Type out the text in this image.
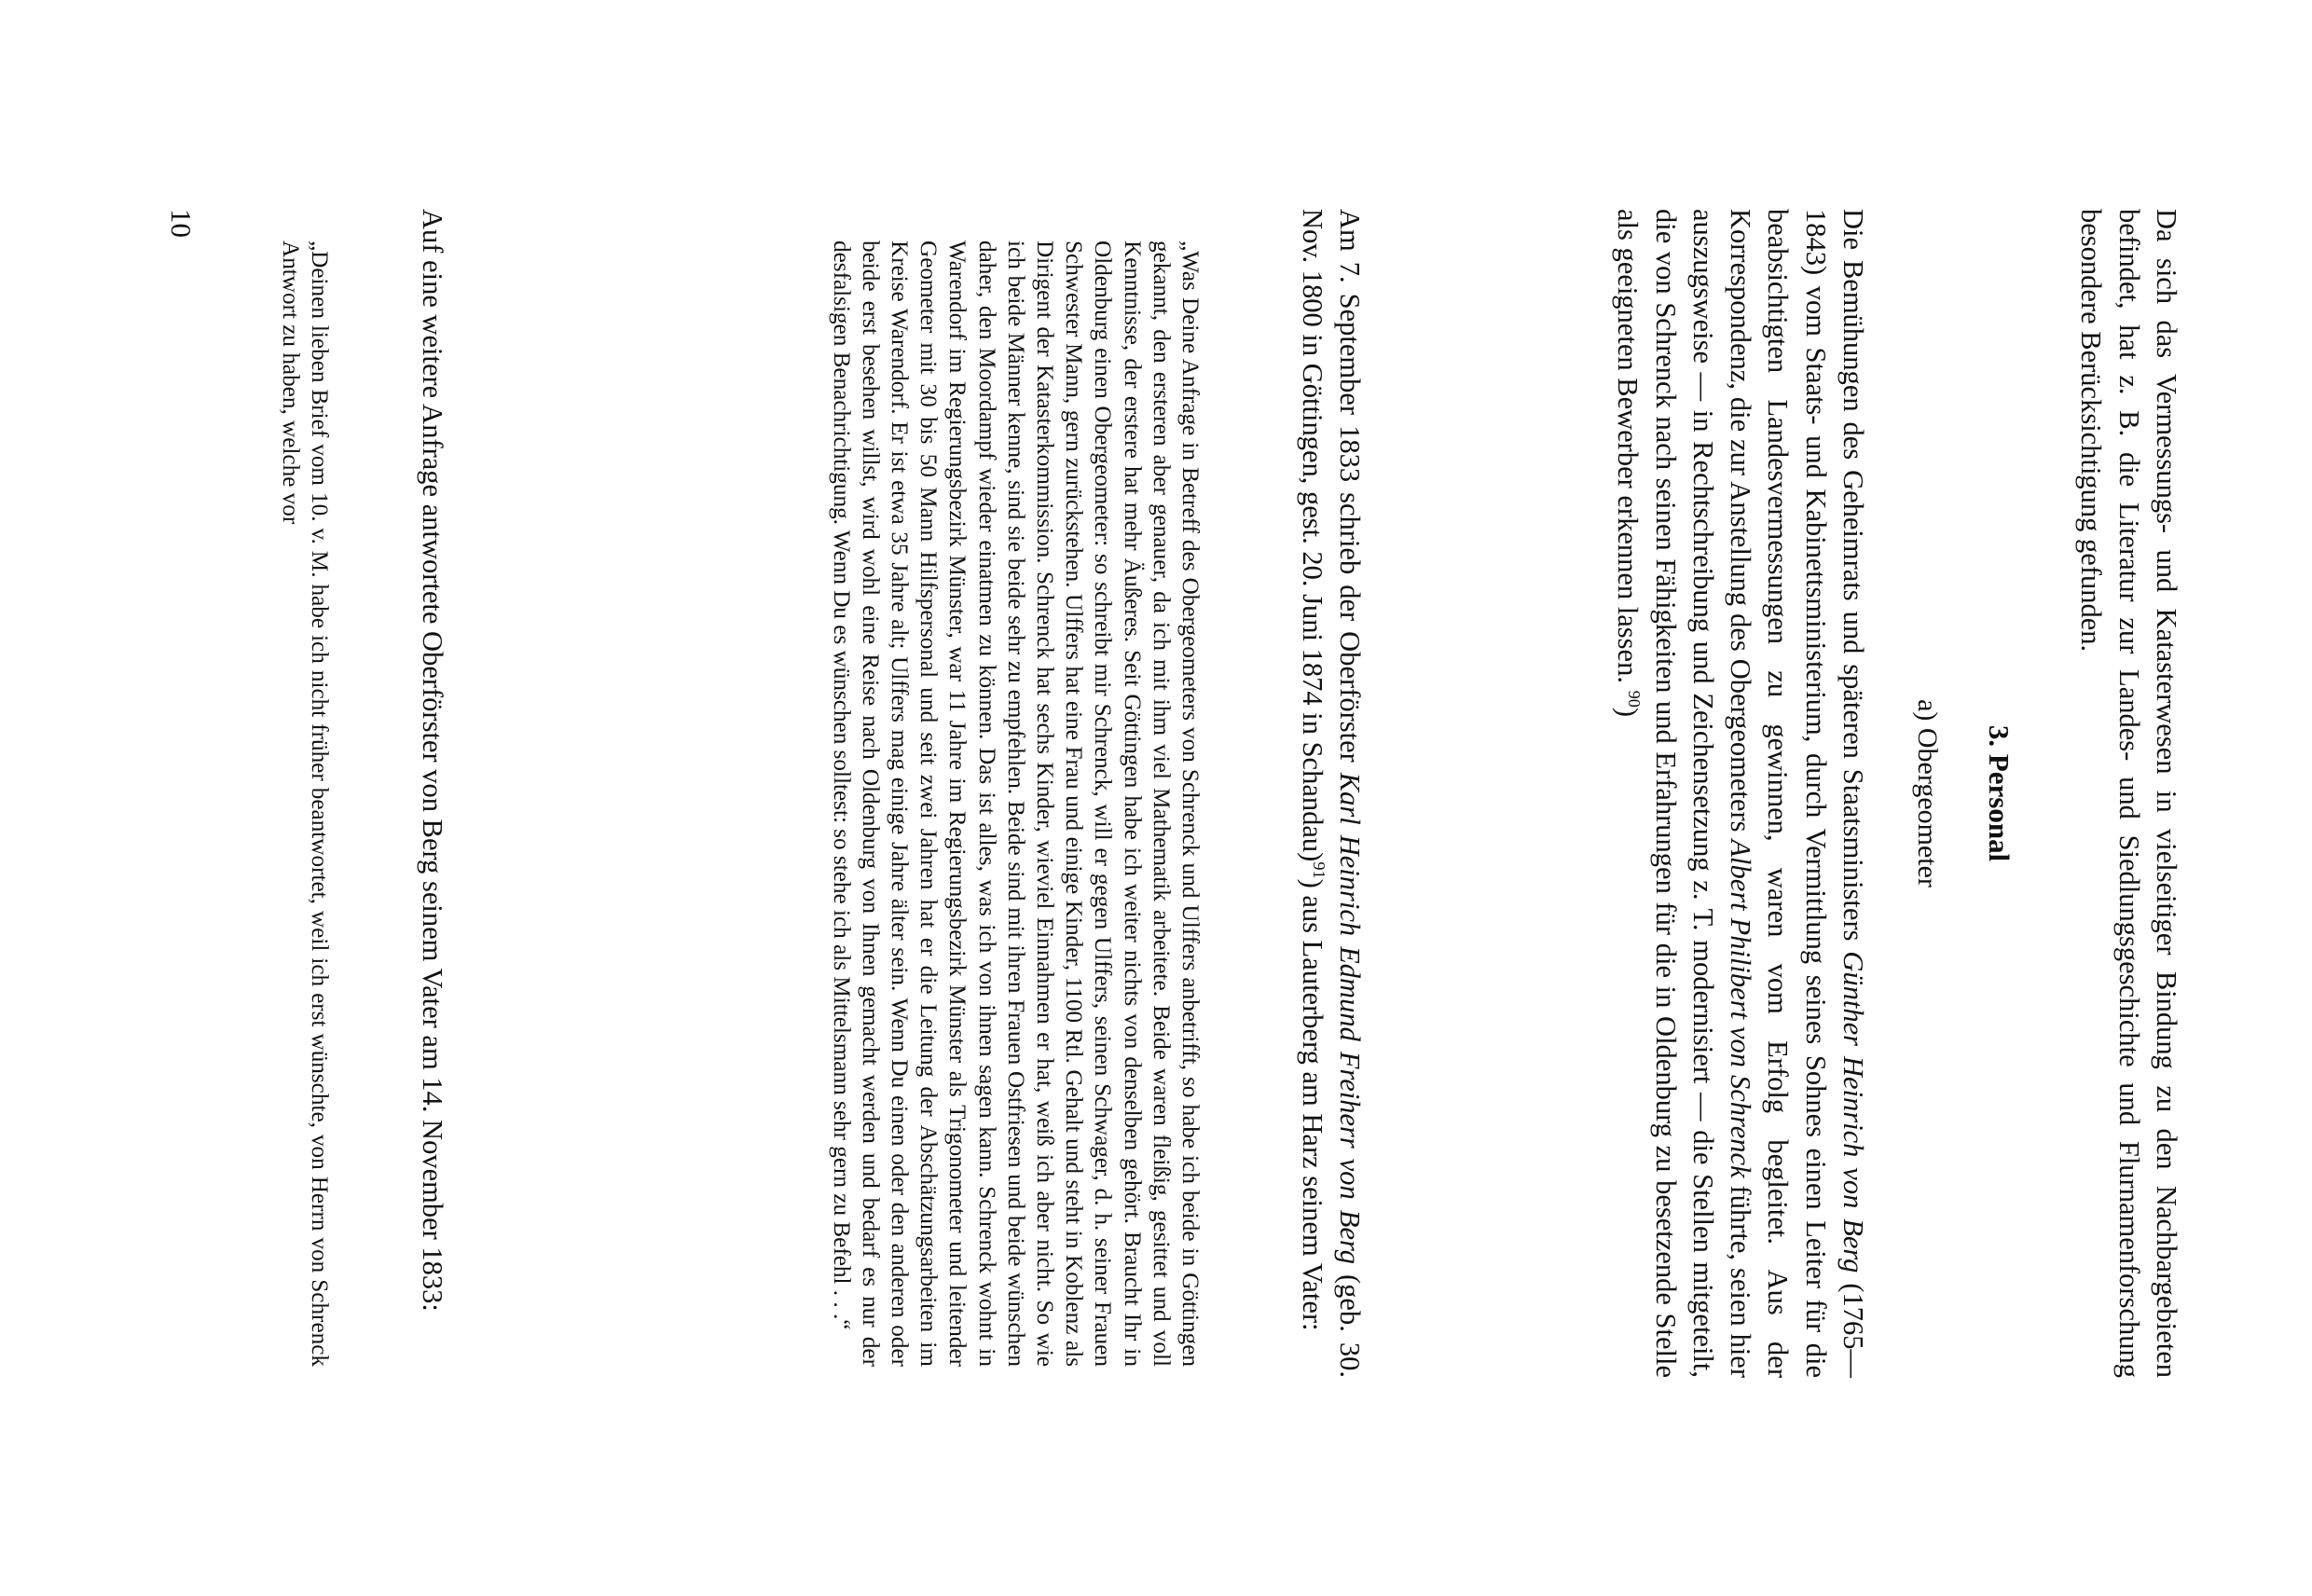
Da sich das Vermessungs- und Katasterwesen in vielseitiger Bindung zu den Nachbargebieten befindet, hat z. B. die Literatur zur Landes- und Siedlungsgeschichte und Flurnamenforschung besondere Berücksichtigung gefunden.

3. Personal
a) Obergeometer

Die Bemühungen des Geheimrats und späteren Staatsministers Günther Heinrich von Berg (1765—1843) vom Staats- und Kabinettsministerium, durch Vermittlung seines Sohnes einen Leiter für die beabsichtigten Landesvermessungen zu gewinnen, waren vom Erfolg begleitet. Aus der Korrespondenz, die zur Anstellung des Obergeometers Albert Philibert von Schrenck führte, seien hier auszugsweise — in Rechtschreibung und Zeichensetzung z. T. modernisiert — die Stellen mitgeteilt, die von Schrenck nach seinen Fähigkeiten und Erfahrungen für die in Oldenburg zu besetzende Stelle als geeigneten Bewerber erkennen lassen. $^{90}$)

Am 7. September 1833 schrieb der Oberförster Karl Heinrich Edmund Freiherr von Berg (geb. 30. Nov. 1800 in Göttingen, gest. 20. Juni 1874 in Schandau)$^{91}$) aus Lauterberg am Harz seinem Vater:

„Was Deine Anfrage in Betreff des Obergeometers von Schrenck und Ulffers anbetrifft, so habe ich beide in Göttingen gekannt, den ersteren aber genauer, da ich mit ihm viel Mathematik arbeitete. Beide waren fleißig, gesittet und voll Kenntnisse, der erstere hat mehr Äußeres. Seit Göttingen habe ich weiter nichts von denselben gehört. Braucht Ihr in Oldenburg einen Obergeometer: so schreibt mir Schrenck, will er gegen Ulffers, seinen Schwager, d. h. seiner Frauen Schwester Mann, gern zurückstehen. Ulffers hat eine Frau und einige Kinder, 1100 Rtl. Gehalt und steht in Koblenz als Dirigent der Katasterkommission. Schrenck hat sechs Kinder, wieviel Einnahmen er hat, weiß ich aber nicht. So wie ich beide Männer kenne, sind sie beide sehr zu empfehlen. Beide sind mit ihren Frauen Ostfriesen und beide wünschen daher, den Moordampf wieder einatmen zu können. Das ist alles, was ich von ihnen sagen kann. Schrenck wohnt in Warendorf im Regierungsbezirk Münster, war 11 Jahre im Regierungsbezirk Münster als Trigonometer und leitender Geometer mit 30 bis 50 Mann Hilfspersonal und seit zwei Jahren hat er die Leitung der Abschätzungsarbeiten im Kreise Warendorf. Er ist etwa 35 Jahre alt; Ulffers mag einige Jahre älter sein. Wenn Du einen oder den anderen oder beide erst besehen willst, wird wohl eine Reise nach Oldenburg von Ihnen gemacht werden und bedarf es nur der desfalsigen Benachrichtigung. Wenn Du es wünschen solltest: so stehe ich als Mittelsmann sehr gern zu Befehl . . .“

Auf eine weitere Anfrage antwortete Oberförster von Berg seinem Vater am 14. November 1833:

„Deinen lieben Brief vom 10. v. M. habe ich nicht früher beantwortet, weil ich erst wünschte, von Herrn von Schrenck Antwort zu haben, welche vor

10
